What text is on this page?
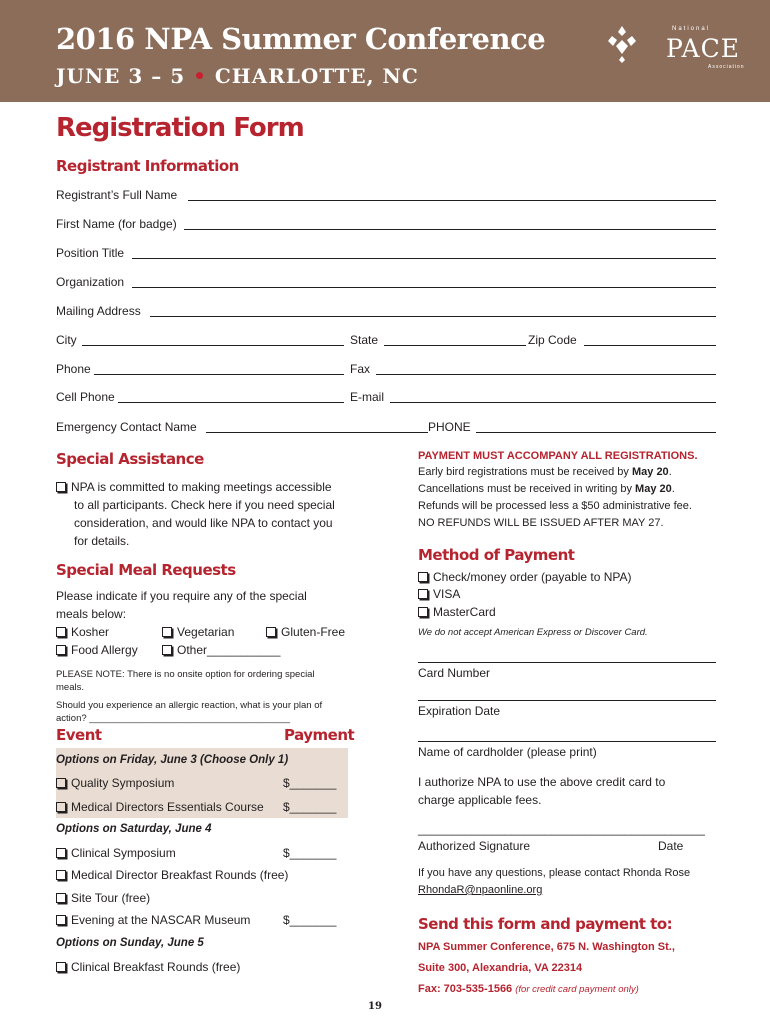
2016 NPA Summer Conference
JUNE 3 – 5 • CHARLOTTE, NC
National
PACE
Association
Registration Form
Registrant Information
Registrant’s Full Name
First Name (for badge)
Position Title
Organization
Mailing Address
City	State	Zip Code
Phone	Fax
Cell Phone	E-mail
Emergency Contact Name	PHONE
Special Assistance
NPA is committed to making meetings accessible
to all participants. Check here if you need special
consideration, and would like NPA to contact you
for details.
Special Meal Requests
Please indicate if you require any of the special
meals below:
Kosher	Vegetarian	Gluten-Free
Food Allergy	Other___________
PLEASE NOTE: There is no onsite option for ordering special
meals.
Should you experience an allergic reaction, what is your plan of
action? ______________________________________
Event	Payment
Options on Friday, June 3 (Choose Only 1)
Quality Symposium	$_______
Medical Directors Essentials Course $_______
Options on Saturday, June 4
Clinical Symposium	$_______
Medical Director Breakfast Rounds (free)
Site Tour (free)
Evening at the NASCAR Museum	$_______
Options on Sunday, June 5
Clinical Breakfast Rounds (free)
PAYMENT MUST ACCOMPANY ALL REGISTRATIONS.
Early bird registrations must be received by May 20.
Cancellations must be received in writing by May 20.
Refunds will be processed less a $50 administrative fee.
NO REFUNDS WILL BE ISSUED AFTER MAY 27.
Method of Payment
Check/money order (payable to NPA)
VISA
MasterCard
We do not accept American Express or Discover Card.
Card Number
Expiration Date
Name of cardholder (please print)
I authorize NPA to use the above credit card to
charge applicable fees.
___________________________________________
Authorized Signature	Date
If you have any questions, please contact Rhonda Rose
RhondaR@npaonline.org
Send this form and payment to:
NPA Summer Conference, 675 N. Washington St.,
Suite 300, Alexandria, VA 22314
Fax: 703-535-1566 (for credit card payment only)
19
